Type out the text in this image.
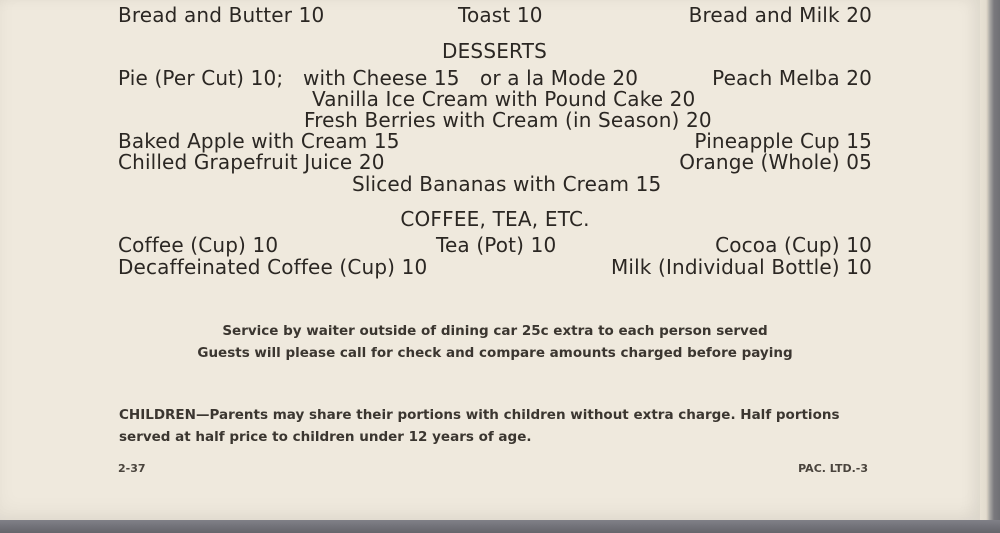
Bread and Butter 10	Toast 10	Bread and Milk 20
DESSERTS
Pie (Per Cut) 10; with Cheese 15 or a la Mode 20	Peach Melba 20
Vanilla Ice Cream with Pound Cake 20
Fresh Berries with Cream (in Season) 20
Baked Apple with Cream 15	Pineapple Cup 15
Chilled Grapefruit Juice 20	Orange (Whole) 05
Sliced Bananas with Cream 15
COFFEE, TEA, ETC.
Coffee (Cup) 10	Tea (Pot) 10	Cocoa (Cup) 10
Decaffeinated Coffee (Cup) 10	Milk (Individual Bottle) 10
Service by waiter outside of dining car 25c extra to each person served
Guests will please call for check and compare amounts charged before paying
CHILDREN—Parents may share their portions with children without extra charge. Half portions
served at half price to children under 12 years of age.
2-37	PAC. LTD.-3
